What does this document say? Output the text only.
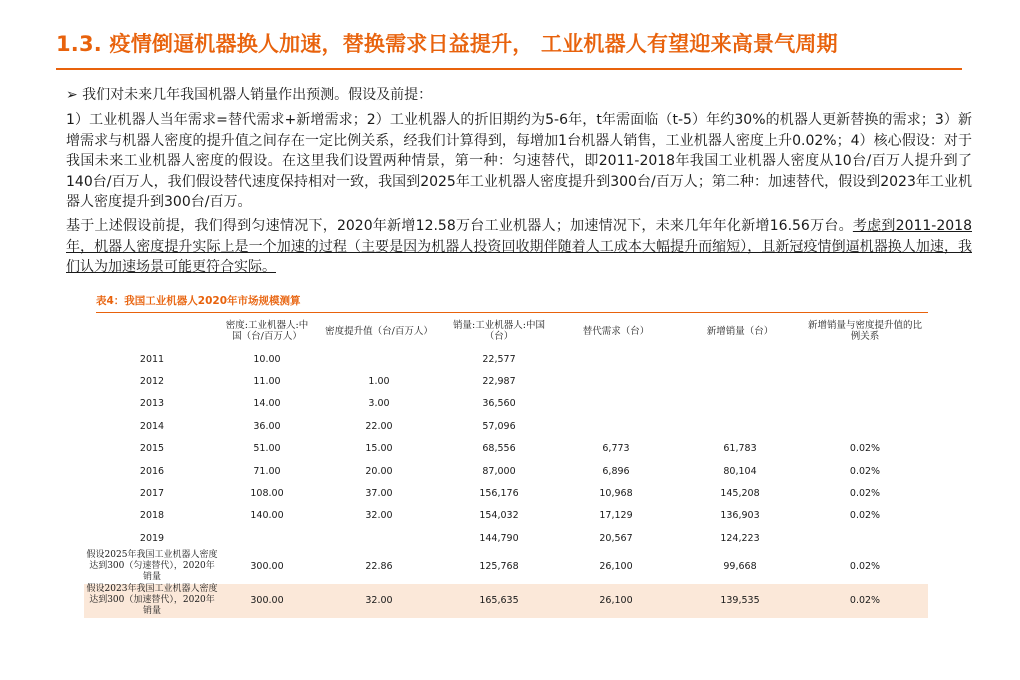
1.3. 疫情倒逼机器换人加速，替换需求日益提升， 工业机器人有望迎来高景气周期
➢ 我们对未来几年我国机器人销量作出预测。假设及前提：
1）工业机器人当年需求=替代需求+新增需求；2）工业机器人的折旧期约为5-6年，t年需面临（t-5）年约30%的机器人更新替换的需求；3）新增需求与机器人密度的提升值之间存在一定比例关系，经我们计算得到，每增加1台机器人销售，工业机器人密度上升0.02%；4）核心假设：对于我国未来工业机器人密度的假设。在这里我们设置两种情景，第一种：匀速替代，即2011-2018年我国工业机器人密度从10台/百万人提升到了140台/百万人，我们假设替代速度保持相对一致，我国到2025年工业机器人密度提升到300台/百万人；第二种：加速替代，假设到2023年工业机器人密度提升到300台/百万。
基于上述假设前提，我们得到匀速情况下，2020年新增12.58万台工业机器人；加速情况下，未来几年年化新增16.56万台。考虑到2011-2018年，机器人密度提升实际上是一个加速的过程（主要是因为机器人投资回收期伴随着人工成本大幅提升而缩短），且新冠疫情倒逼机器换人加速，我们认为加速场景可能更符合实际。
表4：我国工业机器人2020年市场规模测算
	密度:工业机器人:中国（台/百万人）	密度提升值（台/百万人）	销量:工业机器人:中国（台）	替代需求（台）	新增销量（台）	新增销量与密度提升值的比例关系
2011	10.00		22,577			
2012	11.00	1.00	22,987			
2013	14.00	3.00	36,560			
2014	36.00	22.00	57,096			
2015	51.00	15.00	68,556	6,773	61,783	0.02%
2016	71.00	20.00	87,000	6,896	80,104	0.02%
2017	108.00	37.00	156,176	10,968	145,208	0.02%
2018	140.00	32.00	154,032	17,129	136,903	0.02%
2019			144,790	20,567	124,223	
假设2025年我国工业机器人密度达到300（匀速替代），2020年销量	300.00	22.86	125,768	26,100	99,668	0.02%
假设2023年我国工业机器人密度达到300（加速替代），2020年销量	300.00	32.00	165,635	26,100	139,535	0.02%
